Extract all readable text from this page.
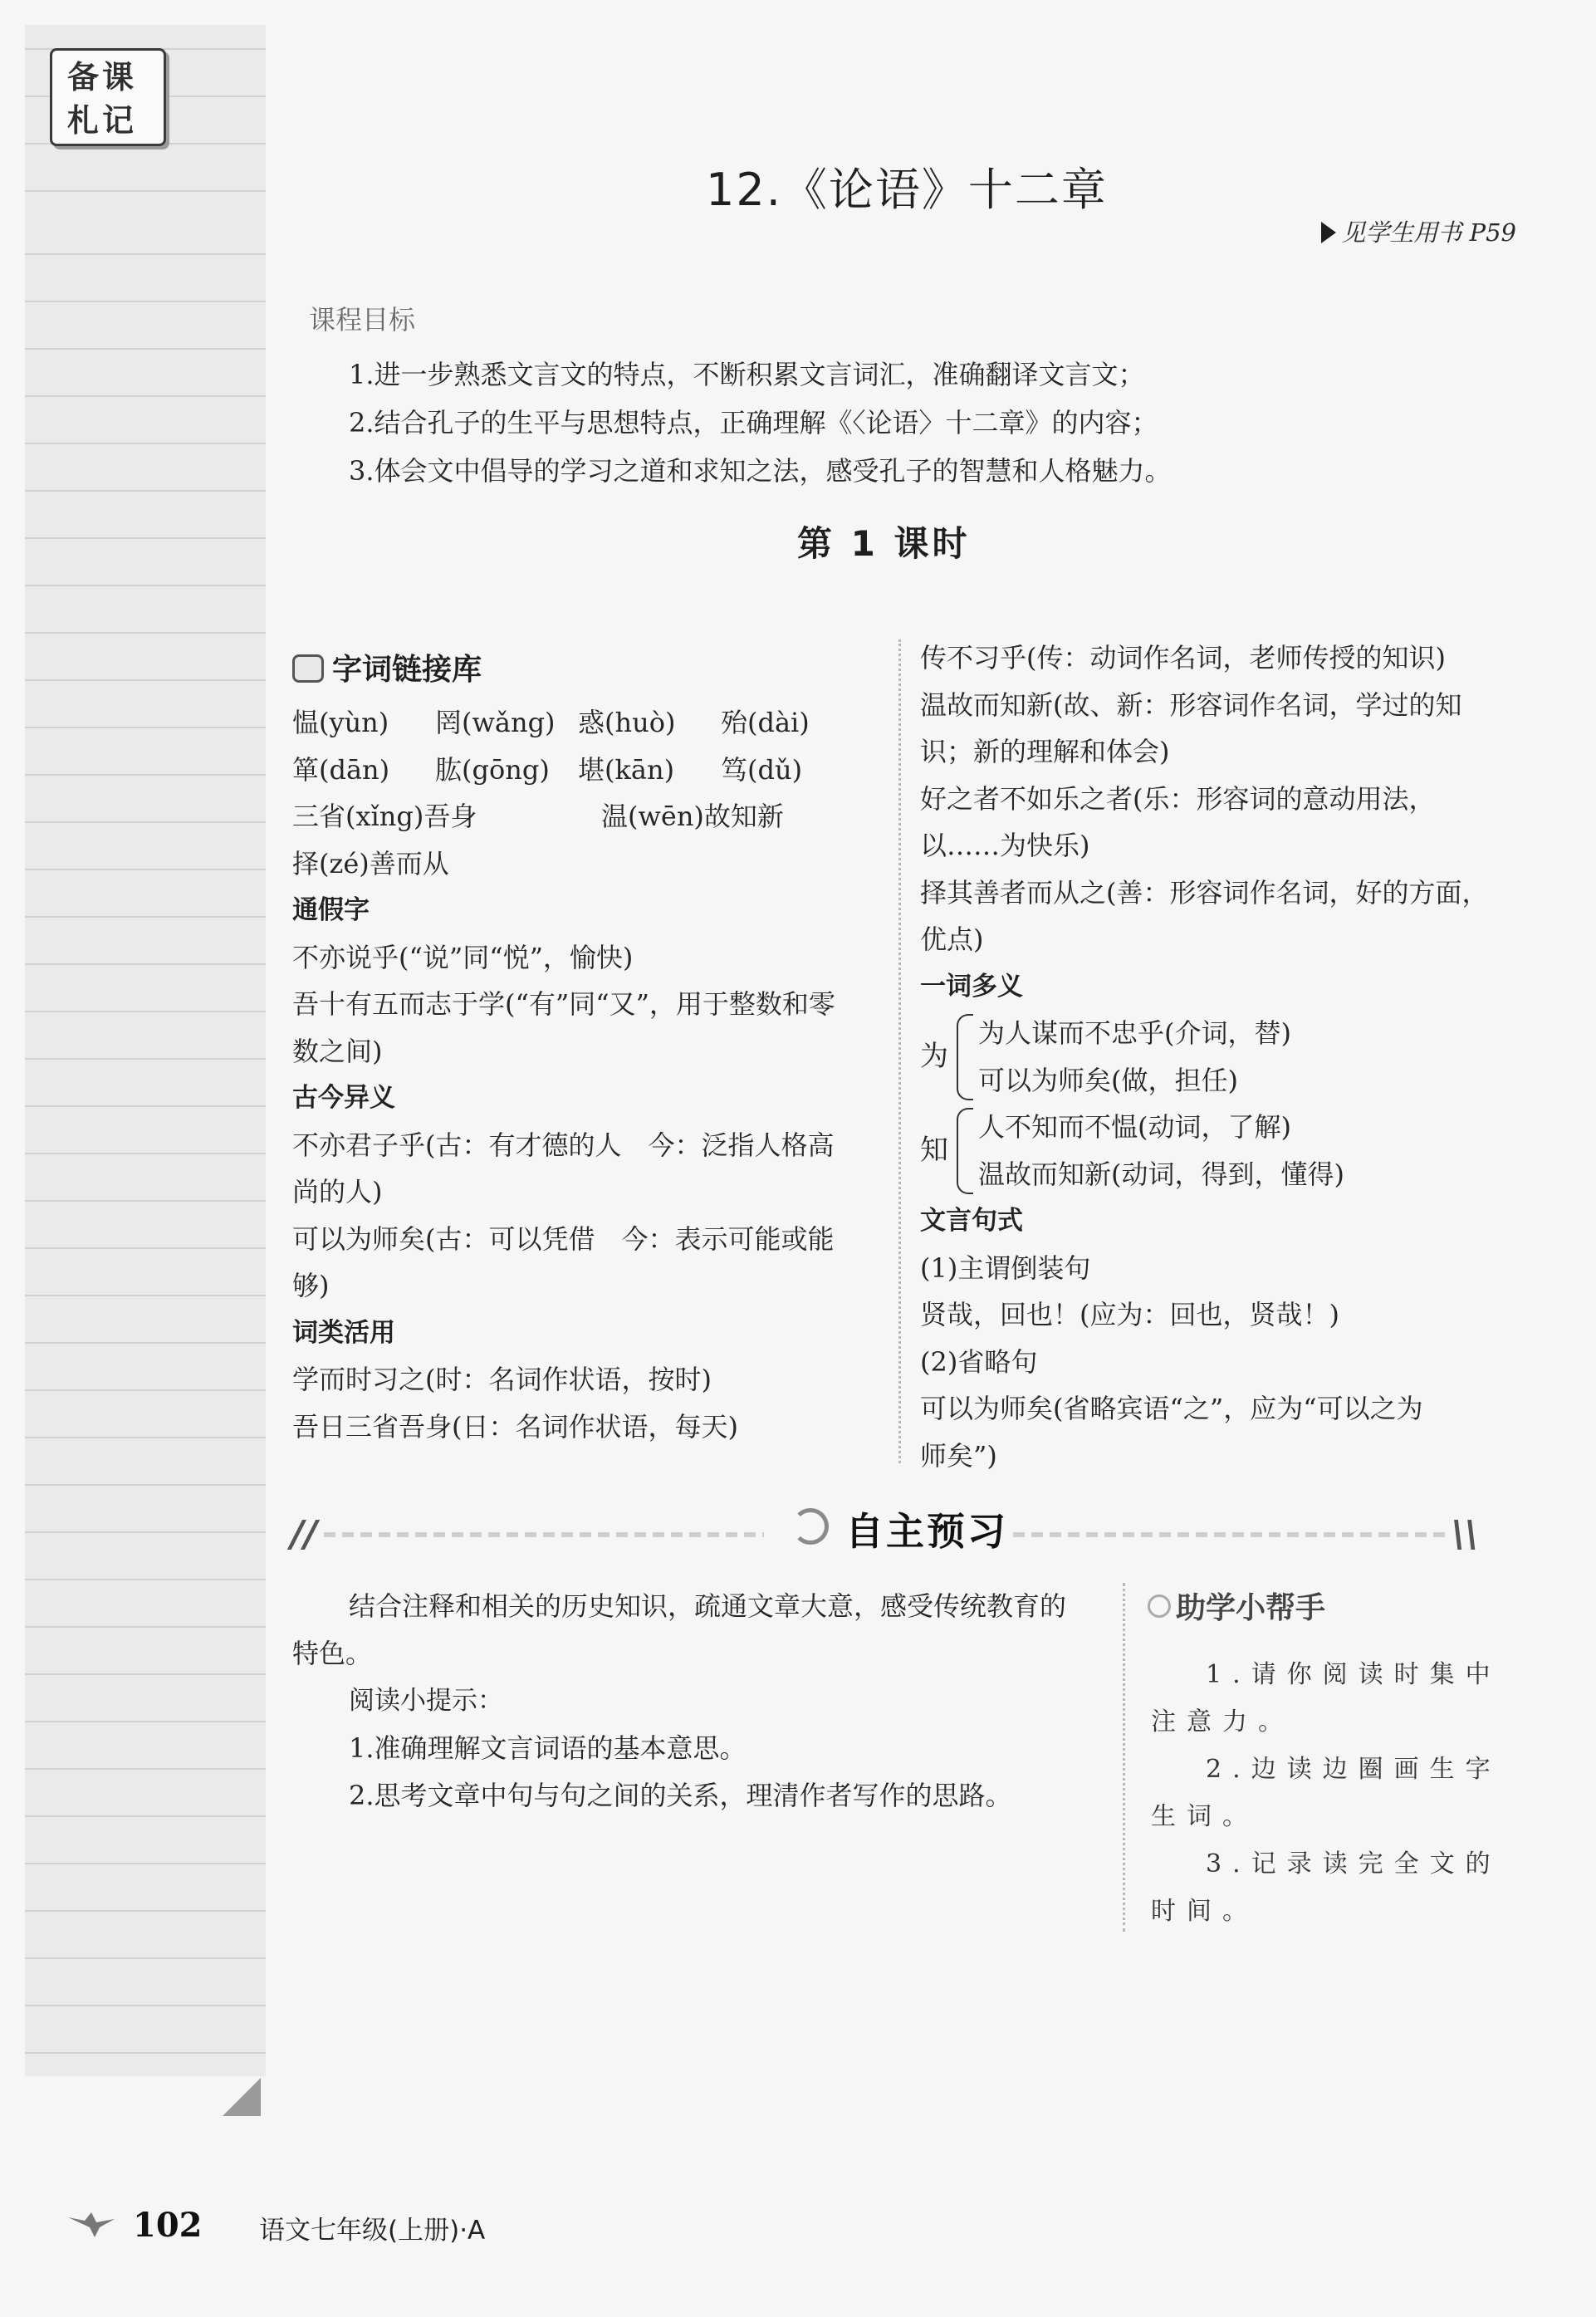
备课
札记
12.《论语》十二章
见学生用书 P59
课程目标

1.进一步熟悉文言文的特点，不断积累文言词汇，准确翻译文言文；

2.结合孔子的生平与思想特点，正确理解《〈论语〉十二章》的内容；

3.体会文中倡导的学习之道和求知之法，感受孔子的智慧和人格魅力。

第 1 课时
字词链接库
愠(yùn)	罔(wǎng) 惑(huò)	殆(dài)
箪(dān)	肱(gōng)	堪(kān)	笃(dǔ)
三省(xǐng)吾身	温(wēn)故知新

择(zé)善而从

通假字

不亦说乎(“说”同“悦”，愉快)

吾十有五而志于学(“有”同“又”，用于整数和零

数之间)

古今异义

不亦君子乎(古：有才德的人　今：泛指人格高

尚的人)

可以为师矣(古：可以凭借　今：表示可能或能

够)

词类活用

学而时习之(时：名词作状语，按时)

吾日三省吾身(日：名词作状语，每天)

传不习乎(传：动词作名词，老师传授的知识)

温故而知新(故、新：形容词作名词，学过的知

识；新的理解和体会)

好之者不如乐之者(乐：形容词的意动用法，

以……为快乐)

择其善者而从之(善：形容词作名词，好的方面，

优点)

一词多义

为

为人谋而不忠乎(介词，替)

可以为师矣(做，担任)

知

人不知而不愠(动词，了解)

温故而知新(动词，得到，懂得)

文言句式

(1)主谓倒装句

贤哉，回也！(应为：回也，贤哉！)

(2)省略句

可以为师矣(省略宾语“之”，应为“可以之为

师矣”)

//	自主预习	\\

结合注释和相关的历史知识，疏通文章大意，感受传统教育的

特色。

阅读小提示：

1.准确理解文言词语的基本意思。

2.思考文章中句与句之间的关系，理清作者写作的思路。

助学小帮手

1.请你阅读时集中注意力。

2.边读边圈画生字生词。

3.记录读完全文的时间。

102 语文七年级(上册)·A
